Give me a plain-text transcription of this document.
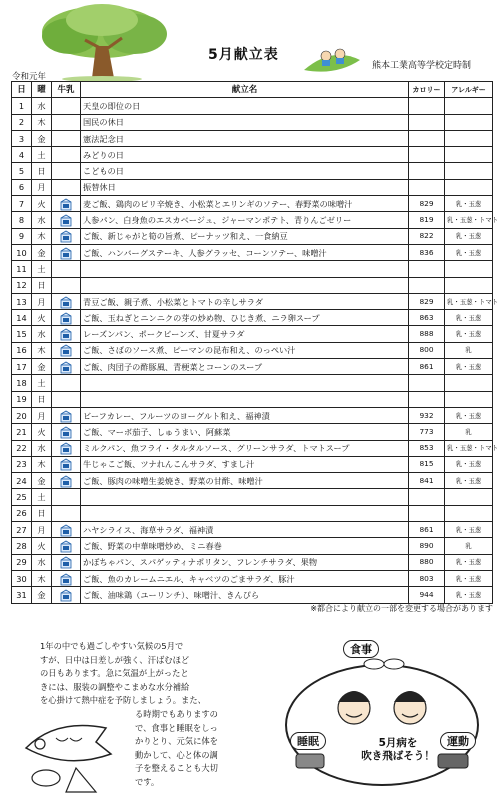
5月献立表
熊本工業高等学校定時制
令和元年
日	曜	牛乳	献立名	カロリー	アレルギー
1	水		天皇の即位の日		
2	木		国民の休日		
3	金		憲法記念日		
4	土		みどりの日		
5	日		こどもの日		
6	月		振替休日		
7	火		麦ご飯、鶏肉のピリ辛焼き、小松菜とエリンギのソテー、春野菜の味噌汁	829	乳・玉葱
8	水		人参パン、白身魚のエスカベージュ、ジャーマンポテト、青りんごゼリー	819	乳・玉葱・トマト
9	木		ご飯、新じゃがと筍の旨煮、ピーナッツ和え、一食納豆	822	乳・玉葱
10	金		ご飯、ハンバーグステーキ、人参グラッセ、コーンソテー、味噌汁	836	乳・玉葱
11	土				
12	日				
13	月		青豆ご飯、親子煮、小松菜とトマトの辛しサラダ	829	乳・玉葱・トマト
14	火		ご飯、玉ねぎとニンニクの芽の炒め物、ひじき煮、ニラ卵スープ	863	乳・玉葱
15	水		レーズンパン、ポークビーンズ、甘夏サラダ	888	乳・玉葱
16	木		ご飯、さばのソース煮、ピーマンの昆布和え、のっぺい汁	800	乳
17	金		ご飯、肉団子の酢豚風、青梗菜とコーンのスープ	861	乳・玉葱
18	土				
19	日				
20	月		ビーフカレー、フルーツのヨーグルト和え、福神漬	932	乳・玉葱
21	火		ご飯、マーボ茄子、しゅうまい、阿蘇菜	773	乳
22	水		ミルクパン、魚フライ・タルタルソース、グリーンサラダ、トマトスープ	853	乳・玉葱・トマト
23	木		牛じゃこご飯、ツナれんこんサラダ、すまし汁	815	乳・玉葱
24	金		ご飯、豚肉の味噌生姜焼き、野菜の甘酢、味噌汁	841	乳・玉葱
25	土				
26	日				
27	月		ハヤシライス、海草サラダ、福神漬	861	乳・玉葱
28	火		ご飯、野菜の中華味噌炒め、ミニ春巻	890	乳
29	水		かぼちゃパン、スパゲッティナポリタン、フレンチサラダ、果物	880	乳・玉葱
30	木		ご飯、魚のカレームニエル、キャベツのごまサラダ、豚汁	803	乳・玉葱
31	金		ご飯、油味鶏（ユーリンチ）、味噌汁、きんぴら	944	乳・玉葱
※都合により献立の一部を変更する場合があります
1年の中でも過ごしやすい気候の5月で
すが、日中は日差しが強く、汗ばむほど
の日もあります。急に気温が上がったと
きには、服装の調整やこまめな水分補給
を心掛けて熱中症を予防しましょう。また、
る時期でもありますの
で、食事と睡眠をしっ
かりとり、元気に体を
動かして、心と体の調
子を整えることも大切
です。
食事
睡眠	運動
5月病を
吹き飛ばそう！
